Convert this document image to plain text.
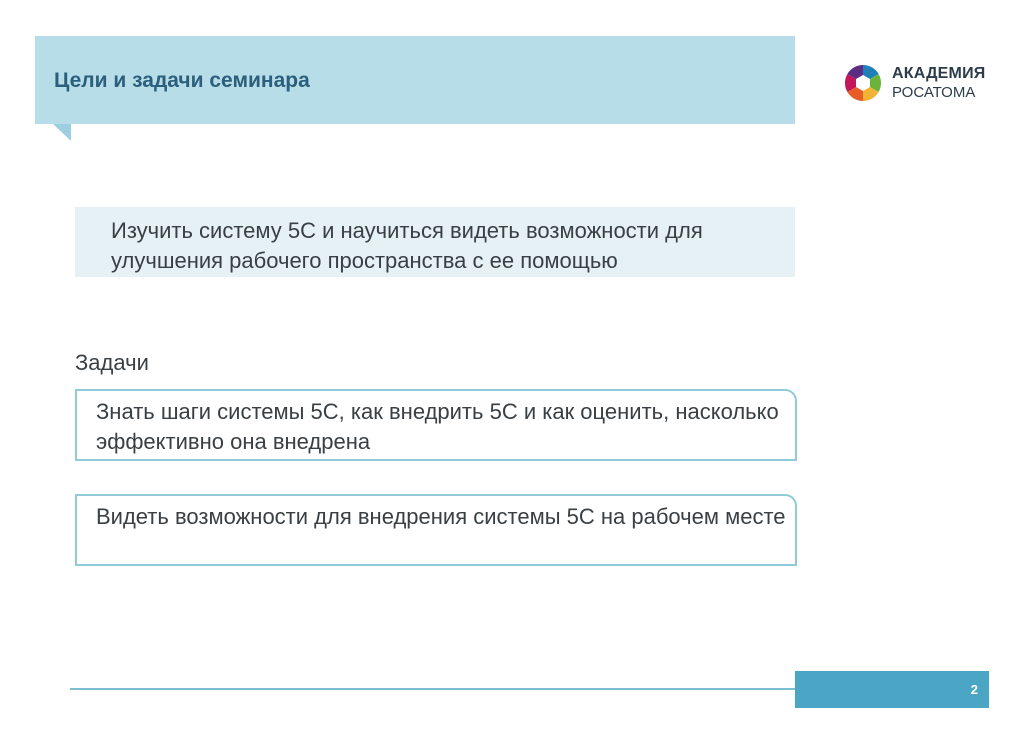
Цели и задачи семинара	АКАДЕМИЯ
РОСАТОМА
Изучить систему 5С и научиться видеть возможности для улучшения рабочего пространства с ее помощью
Задачи
Знать шаги системы 5С, как внедрить 5С и как оценить, насколько эффективно она внедрена
Видеть возможности для внедрения системы 5С на рабочем месте
2
